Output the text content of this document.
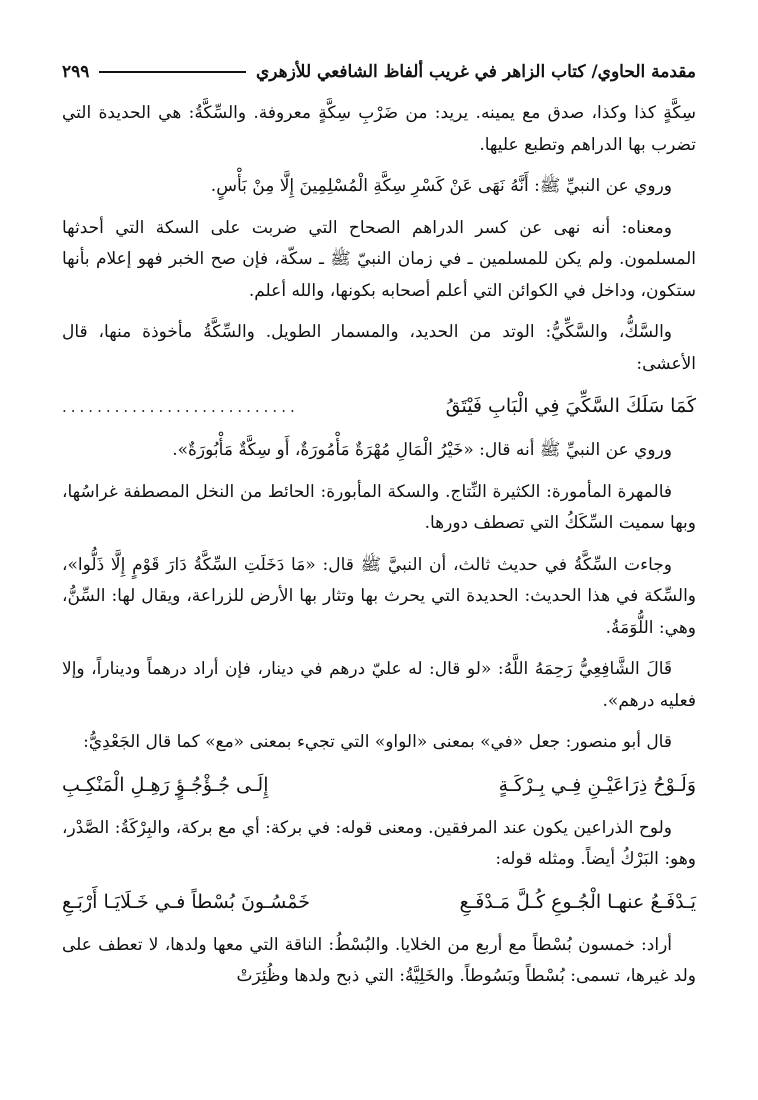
مقدمة الحاوي/ كتاب الزاهر في غريب ألفاظ الشافعي للأزهري
٢٩٩

سِكَّةٍ كذا وكذا، صدق مع يمينه. يريد: من ضَرْبِ سِكَّةٍ معروفة. والسِّكَّةُ: هي الحديدة التي تضرب بها الدراهم وتطبع عليها.

وروي عن النبيِّ ﷺ: أَنَّهُ نَهَى عَنْ كَسْرِ سِكَّةِ الْمُسْلِمِينَ إِلَّا مِنْ بَأْسٍ.

ومعناه: أنه نهى عن كسر الدراهم الصحاح التي ضربت على السكة التي أحدثها المسلمون. ولم يكن للمسلمين ـ في زمان النبيّ ﷺ ـ سكّة، فإن صح الخبر فهو إعلام بأنها ستكون، وداخل في الكوائن التي أعلم أصحابه بكونها، والله أعلم.

والسَّكُّ، والسَّكِّيُّ: الوتد من الحديد، والمسمار الطويل. والسِّكَّةُ مأخوذة منها، قال الأعشى:

كَمَا سَلَكَ السَّكِّيَ فِي الْبَابِ فَيْتَقُ
...........................

وروي عن النبيِّ ﷺ أنه قال: «خَيْرُ الْمَالِ مُهْرَةٌ مَأْمُورَةٌ، أَو سِكَّةٌ مَأْبُورَةٌ».

فالمهرة المأمورة: الكثيرة النِّتاج. والسكة المأبورة: الحائط من النخل المصطفة غراسُها، وبها سميت السِّكَكُ التي تصطف دورها.

وجاءت السِّكَّةُ في حديث ثالث، أن النبيَّ ﷺ قال: «مَا دَخَلَتِ السِّكَّةُ دَارَ قَوْمٍ إِلَّا ذَلُّوا»، والسِّكة في هذا الحديث: الحديدة التي يحرث بها وتثار بها الأرض للزراعة، ويقال لها: السِّنُّ، وهي: اللُّوَمَةُ.

قَالَ الشَّافِعِيُّ رَحِمَهُ اللَّهُ: «لو قال: له عليّ درهم في دينار، فإن أراد درهماً وديناراً، وإلا فعليه درهم».

قال أبو منصور: جعل «في» بمعنى «الواو» التي تجيء بمعنى «مع» كما قال الجَعْدِيُّ:

وَلَـوْحُ ذِرَاعَيْـنِ فِـي بِـرْكَـةٍ
إِلَـى جُـؤْجُـؤٍ رَهِـلِ الْمَنْكِـبِ

ولوح الذراعين يكون عند المرفقين. ومعنى قوله: في بركة: أي مع بركة، والبِرْكَةُ: الصَّدْر، وهو: البَرْكُ أيضاً. ومثله قوله:

يَـدْفَـعُ عنهـا الْجُـوعِ كُـلَّ مَـدْفَـعِ
خَمْسُـونَ بُسْطاً فـي خَـلَايَـا أَرْبَـعِ

أراد: خمسون بُسْطاً مع أربع من الخلايا. والبُسْطُ: الناقة التي معها ولدها، لا تعطف على ولد غيرها، تسمى: بُسْطاً وبَسُوطاً. والخَلِيَّةُ: التي ذبح ولدها وظُئِرَتْ
